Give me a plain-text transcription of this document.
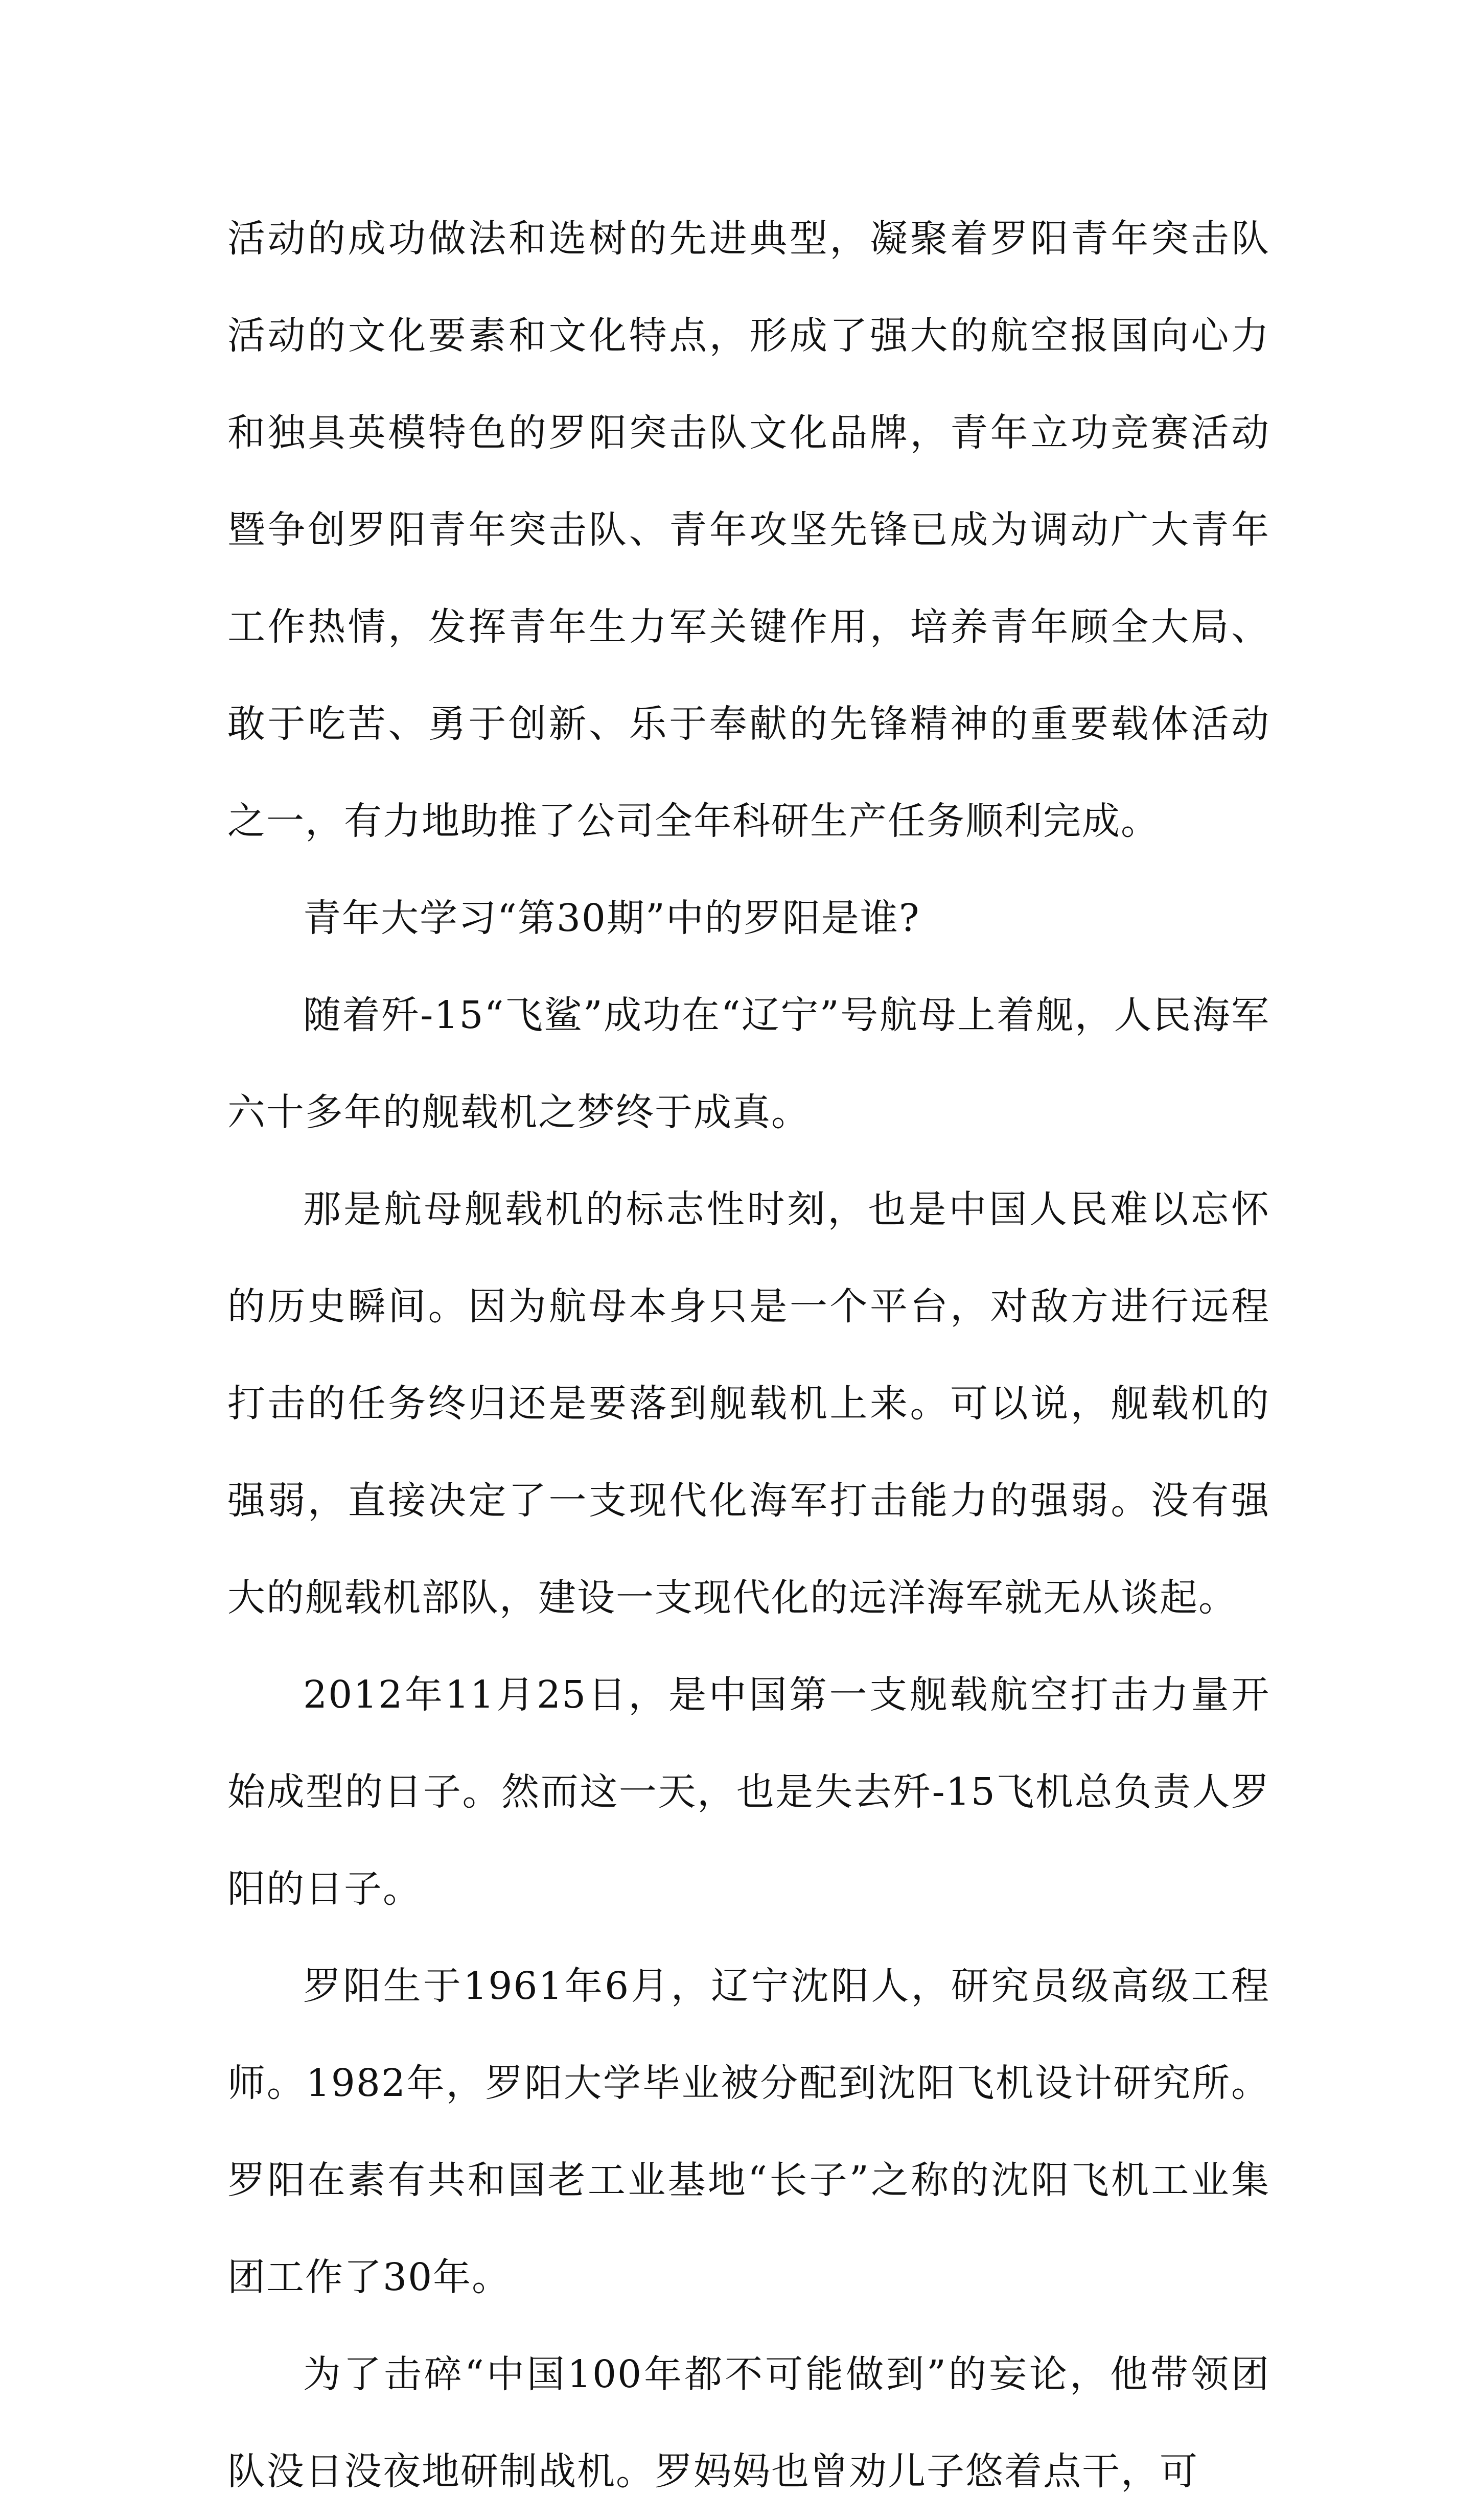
活动的成功做法和选树的先进典型，凝聚着罗阳青年突击队活动的文化要素和文化特点，形成了强大的航空报国向心力和独具英模特色的罗阳突击队文化品牌，青年立功竞赛活动暨争创罗阳青年突击队、青年攻坚先锋已成为调动广大青年工作热情，发挥青年生力军关键作用，培养青年顾全大局、敢于吃苦、勇于创新、乐于奉献的先锋精神的重要载体活动之一，有力地助推了公司全年科研生产任务顺利完成。

青年大学习“第30期”中的罗阳是谁?

随着歼-15“飞鲨”成功在“辽宁”号航母上着舰，人民海军六十多年的舰载机之梦终于成真。

那是航母舰载机的标志性时刻，也是中国人民难以忘怀的历史瞬间。因为航母本身只是一个平台，对敌方进行远程打击的任务终归还是要落到舰载机上来。可以说，舰载机的强弱，直接决定了一支现代化海军打击能力的强弱。没有强大的舰载机部队，建设一支现代化的远洋海军就无从谈起。

2012年11月25日，是中国第一支舰载航空打击力量开始成型的日子。然而这一天，也是失去歼-15飞机总负责人罗阳的日子。

罗阳生于1961年6月，辽宁沈阳人，研究员级高级工程师。1982年，罗阳大学毕业被分配到沈阳飞机设计研究所。罗阳在素有共和国老工业基地“长子”之称的沈阳飞机工业集团工作了30年。

为了击碎“中国100年都不可能做到”的妄论，他带领团队没日没夜地研制战机。罗妈妈也曾劝儿子悠着点干，可
